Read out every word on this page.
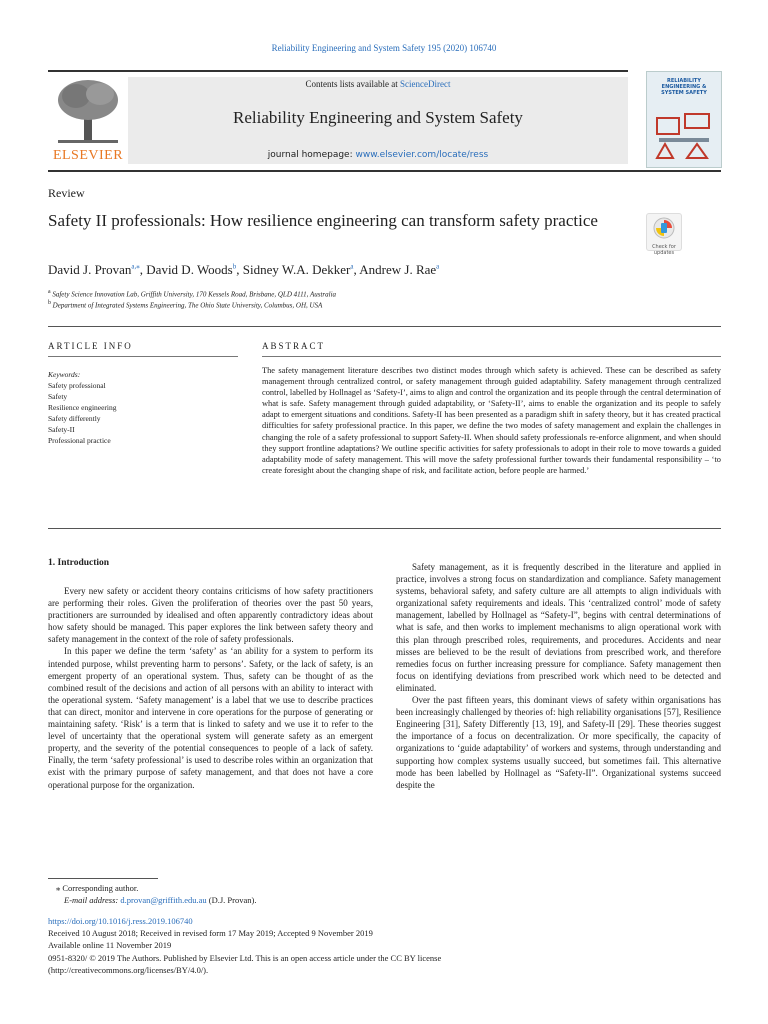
Reliability Engineering and System Safety 195 (2020) 106740
ELSEVIER
Contents lists available at ScienceDirect
Reliability Engineering and System Safety
journal homepage: www.elsevier.com/locate/ress
RELIABILITY ENGINEERING & SYSTEM SAFETY
Review
Safety II professionals: How resilience engineering can transform safety practice
Check for updates
David J. Provan$^{a,⁎}$, David D. Woods$^b$, Sidney W.A. Dekker$^a$, Andrew J. Rae$^a$
$^a$ Safety Science Innovation Lab, Griffith University, 170 Kessels Road, Brisbane, QLD 4111, Australia
$^b$ Department of Integrated Systems Engineering, The Ohio State University, Columbus, OH, USA
ARTICLE INFO	ABSTRACT
Keywords:
Safety professional
Safety
Resilience engineering
Safety differently
Safety-II
Professional practice
The safety management literature describes two distinct modes through which safety is achieved. These can be described as safety management through centralized control, or safety management through guided adaptability. Safety management through centralized control, labelled by Hollnagel as ‘Safety-I’, aims to align and control the organization and its people through the central determination of what is safe. Safety management through guided adaptability, or ‘Safety-II’, aims to enable the organization and its people to safely adapt to emergent situations and conditions. Safety-II has been presented as a paradigm shift in safety theory, but it has created practical difficulties for safety professional practice. In this paper, we define the two modes of safety management and explain the challenges in changing the role of a safety professional to support Safety-II. When should safety professionals re-enforce alignment, and when should they support frontline adaptations? We outline specific activities for safety professionals to adopt in their role to move towards a guided adaptability mode of safety management. This will move the safety professional further towards their fundamental responsibility – ‘to create foresight about the changing shape of risk, and facilitate action, before people are harmed.’
1. Introduction

Every new safety or accident theory contains criticisms of how safety practitioners are performing their roles. Given the proliferation of theories over the past 50 years, practitioners are surrounded by idealised and often apparently contradictory ideas about how safety should be managed. This paper explores the link between safety theory and safety management in the context of the role of safety professionals.

In this paper we define the term ‘safety’ as ‘an ability for a system to perform its intended purpose, whilst preventing harm to persons’. Safety, or the lack of safety, is an emergent property of an operational system. Thus, safety can be thought of as the combined result of the decisions and action of all persons with an ability to interact with the operational system. ‘Safety management’ is a label that we use to describe practices that can direct, monitor and intervene in core operations for the purpose of generating or maintaining safety. ‘Risk’ is a term that is linked to safety and we use it to refer to the level of uncertainty that the operational system will generate safety as an emergent property, and the severity of the potential consequences to people of a lack of safety. Finally, the term ‘safety professional’ is used to describe roles within an organization that exist with the primary purpose of safety management, and that does not have a core operational purpose for the organization.

Safety management, as it is frequently described in the literature and applied in practice, involves a strong focus on standardization and compliance. Safety management systems, behavioral safety, and safety culture are all attempts to align individuals with organizational safety requirements and ideals. This ‘centralized control’ mode of safety management, labelled by Hollnagel as “Safety-I”, begins with central determinations of what is safe, and then works to implement mechanisms to align operational work with this plan through prescribed roles, requirements, and procedures. Accidents and near misses are believed to be the result of deviations from prescribed work, and therefore remedies focus on further increasing pressure for compliance. Safety management then focus on identifying deviations from prescribed work which need to be detected and eliminated.

Over the past fifteen years, this dominant views of safety within organisations has been increasingly challenged by theories of: high reliability organisations [57], Resilience Engineering [31], Safety Differently [13, 19], and Safety-II [29]. These theories suggest the importance of a focus on decentralization. Or more specifically, the capacity of organizations to ‘guide adaptability’ of workers and systems, through understanding and supporting how complex systems usually succeed, but sometimes fail. This alternative mode has been labelled by Hollnagel as “Safety-II”. Organizational systems succeed despite the

⁎ Corresponding author.
E-mail address: d.provan@griffith.edu.au (D.J. Provan).
https://doi.org/10.1016/j.ress.2019.106740
Received 10 August 2018; Received in revised form 17 May 2019; Accepted 9 November 2019
Available online 11 November 2019
0951-8320/ © 2019 The Authors. Published by Elsevier Ltd. This is an open access article under the CC BY license
(http://creativecommons.org/licenses/BY/4.0/).
